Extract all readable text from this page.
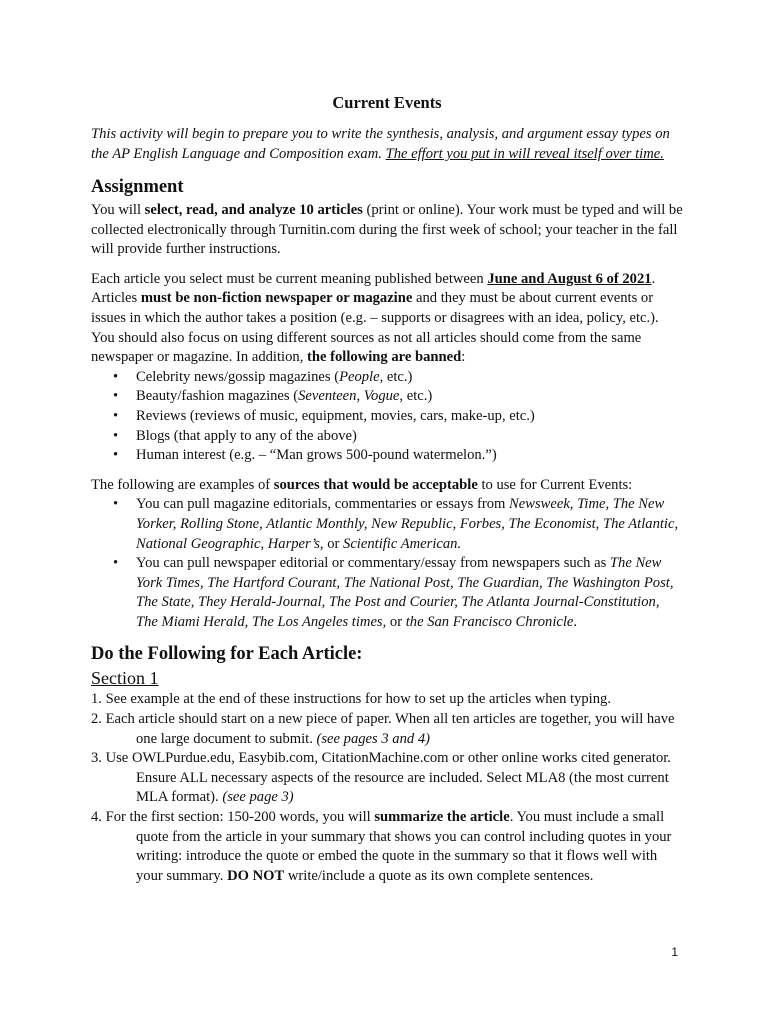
Current Events

This activity will begin to prepare you to write the synthesis, analysis, and argument essay types on the AP English Language and Composition exam. The effort you put in will reveal itself over time.

Assignment

You will select, read, and analyze 10 articles (print or online). Your work must be typed and will be collected electronically through Turnitin.com during the first week of school; your teacher in the fall will provide further instructions.

Each article you select must be current meaning published between June and August 6 of 2021. Articles must be non-fiction newspaper or magazine and they must be about current events or issues in which the author takes a position (e.g. – supports or disagrees with an idea, policy, etc.). You should also focus on using different sources as not all articles should come from the same newspaper or magazine. In addition, the following are banned:

• Celebrity news/gossip magazines (People, etc.)
• Beauty/fashion magazines (Seventeen, Vogue, etc.)
• Reviews (reviews of music, equipment, movies, cars, make-up, etc.)
• Blogs (that apply to any of the above)
• Human interest (e.g. – “Man grows 500-pound watermelon.”)

The following are examples of sources that would be acceptable to use for Current Events:

• You can pull magazine editorials, commentaries or essays from Newsweek, Time, The New Yorker, Rolling Stone, Atlantic Monthly, New Republic, Forbes, The Economist, The Atlantic, National Geographic, Harper’s, or Scientific American.
• You can pull newspaper editorial or commentary/essay from newspapers such as The New York Times, The Hartford Courant, The National Post, The Guardian, The Washington Post, The State, They Herald-Journal, The Post and Courier, The Atlanta Journal-Constitution, The Miami Herald, The Los Angeles times, or the San Francisco Chronicle.
Do the Following for Each Article:
Section 1
1. See example at the end of these instructions for how to set up the articles when typing.
2. Each article should start on a new piece of paper. When all ten articles are together, you will have one large document to submit. (see pages 3 and 4)
3. Use OWLPurdue.edu, Easybib.com, CitationMachine.com or other online works cited generator. Ensure ALL necessary aspects of the resource are included. Select MLA8 (the most current MLA format). (see page 3)
4. For the first section: 150-200 words, you will summarize the article. You must include a small quote from the article in your summary that shows you can control including quotes in your writing: introduce the quote or embed the quote in the summary so that it flows well with your summary. DO NOT write/include a quote as its own complete sentences.
1
